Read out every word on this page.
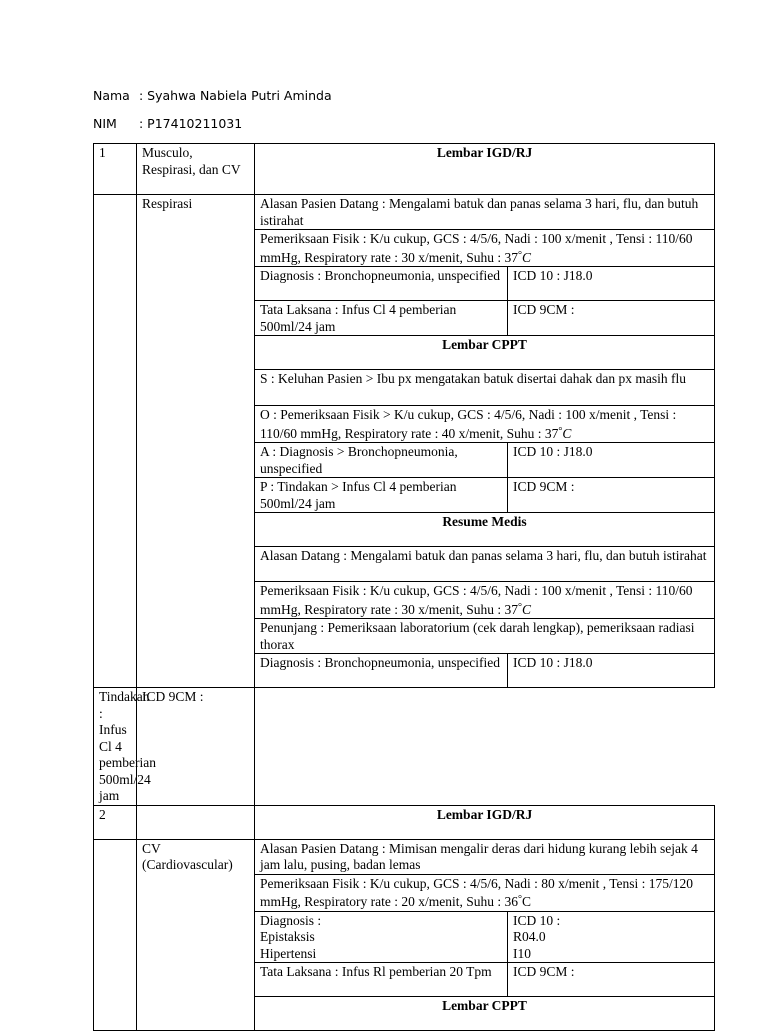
Nama : Syahwa Nabiela Putri Aminda
NIM : P17410211031
1	Musculo, Respirasi, dan CV	Lembar IGD/RJ	
	Respirasi	Alasan Pasien Datang : Mengalami batuk dan panas selama 3 hari, flu, dan butuh istirahat	
		Pemeriksaan Fisik : K/u cukup, GCS : 4/5/6, Nadi : 100 x/menit , Tensi : 110/60 mmHg, Respiratory rate : 30 x/menit, Suhu : 37°C	
		Diagnosis : Bronchopneumonia, unspecified	ICD 10 : J18.0
		Tata Laksana : Infus Cl 4 pemberian 500ml/24 jam	ICD 9CM :
		Lembar CPPT	
		S : Keluhan Pasien > Ibu px mengatakan batuk disertai dahak dan px masih flu	
		O : Pemeriksaan Fisik > K/u cukup, GCS : 4/5/6, Nadi : 100 x/menit , Tensi : 110/60 mmHg, Respiratory rate : 40 x/menit, Suhu : 37°C	
		A : Diagnosis > Bronchopneumonia, unspecified	ICD 10 : J18.0
		P : Tindakan > Infus Cl 4 pemberian 500ml/24 jam	ICD 9CM :
		Resume Medis	
		Alasan Datang : Mengalami batuk dan panas selama 3 hari, flu, dan butuh istirahat	
		Pemeriksaan Fisik : K/u cukup, GCS : 4/5/6, Nadi : 100 x/menit , Tensi : 110/60 mmHg, Respiratory rate : 30 x/menit, Suhu : 37°C	
		Penunjang : Pemeriksaan laboratorium (cek darah lengkap), pemeriksaan radiasi thorax	
		Diagnosis : Bronchopneumonia, unspecified	ICD 10 : J18.0
Tindakan : Infus Cl 4 pemberian 500ml/24 jam	ICD 9CM :		
2		Lembar IGD/RJ	
	CV
(Cardiovascular)	Alasan Pasien Datang : Mimisan mengalir deras dari hidung kurang lebih sejak 4 jam lalu, pusing, badan lemas	
		Pemeriksaan Fisik : K/u cukup, GCS : 4/5/6, Nadi : 80 x/menit , Tensi : 175/120 mmHg, Respiratory rate : 20 x/menit, Suhu : 36°C	
		Diagnosis :
Epistaksis
Hipertensi	ICD 10 :
R04.0
I10
		Tata Laksana : Infus Rl pemberian 20 Tpm	ICD 9CM :
		Lembar CPPT	
